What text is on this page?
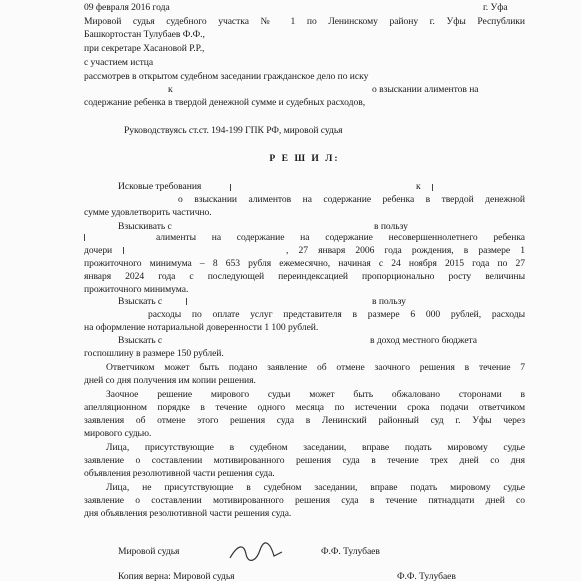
09 февраля 2016 года	г. Уфа

Мировой судья судебного участка № 1 по Ленинскому району г. Уфы Республики

Башкортостан Тулубаев Ф.Ф.,

при секретаре Хасановой Р.Р.,

с участием истца

рассмотрев в открытом судебном заседании гражданское дело по иску

к	о взыскании алиментов на

содержание ребенка в твердой денежной сумме и судебных расходов,

Руководствуясь ст.ст. 194-199 ГПК РФ, мировой судья

Р Е Ш И Л:

Исковые требования	к

о взыскании алиментов на содержание ребенка в твердой денежной

сумме удовлетворить частично.

Взыскивать с	в пользу

алименты на содержание на содержание несовершеннолетнего ребенка

дочери	, 27 января 2006 года рождения, в размере 1

прожиточного минимума – 8 653 рубля ежемесячно, начиная с 24 ноября 2015 года по 27

января 2024 года с последующей переиндексацией пропорционально росту величины

прожиточного минимума.

Взыскать с	в пользу

расходы по оплате услуг представителя в размере 6 000 рублей, расходы

на оформление нотариальной доверенности 1 100 рублей.

Взыскать с	в доход местного бюджета

госпошлину в размере 150 рублей.

Ответчиком может быть подано заявление об отмене заочного решения в течение 7

дней со дня получения им копии решения.

Заочное решение мирового судьи может быть обжаловано сторонами в

апелляционном порядке в течение одного месяца по истечении срока подачи ответчиком

заявления об отмене этого решения суда в Ленинский районный суд г. Уфы через

мирового судью.

Лица, присутствующие в судебном заседании, вправе подать мировому судье

заявление о составлении мотивированного решения суда в течение трех дней со дня

объявления резолютивной части решения суда.

Лица, не присутствующие в судебном заседании, вправе подать мировому судье

заявление о составлении мотивированного решения суда в течение пятнадцати дней со

дня объявления резолютивной части решения суда.

Мировой судья	Ф.Ф. Тулубаев

Копия верна: Мировой судья	Ф.Ф. Тулубаев
